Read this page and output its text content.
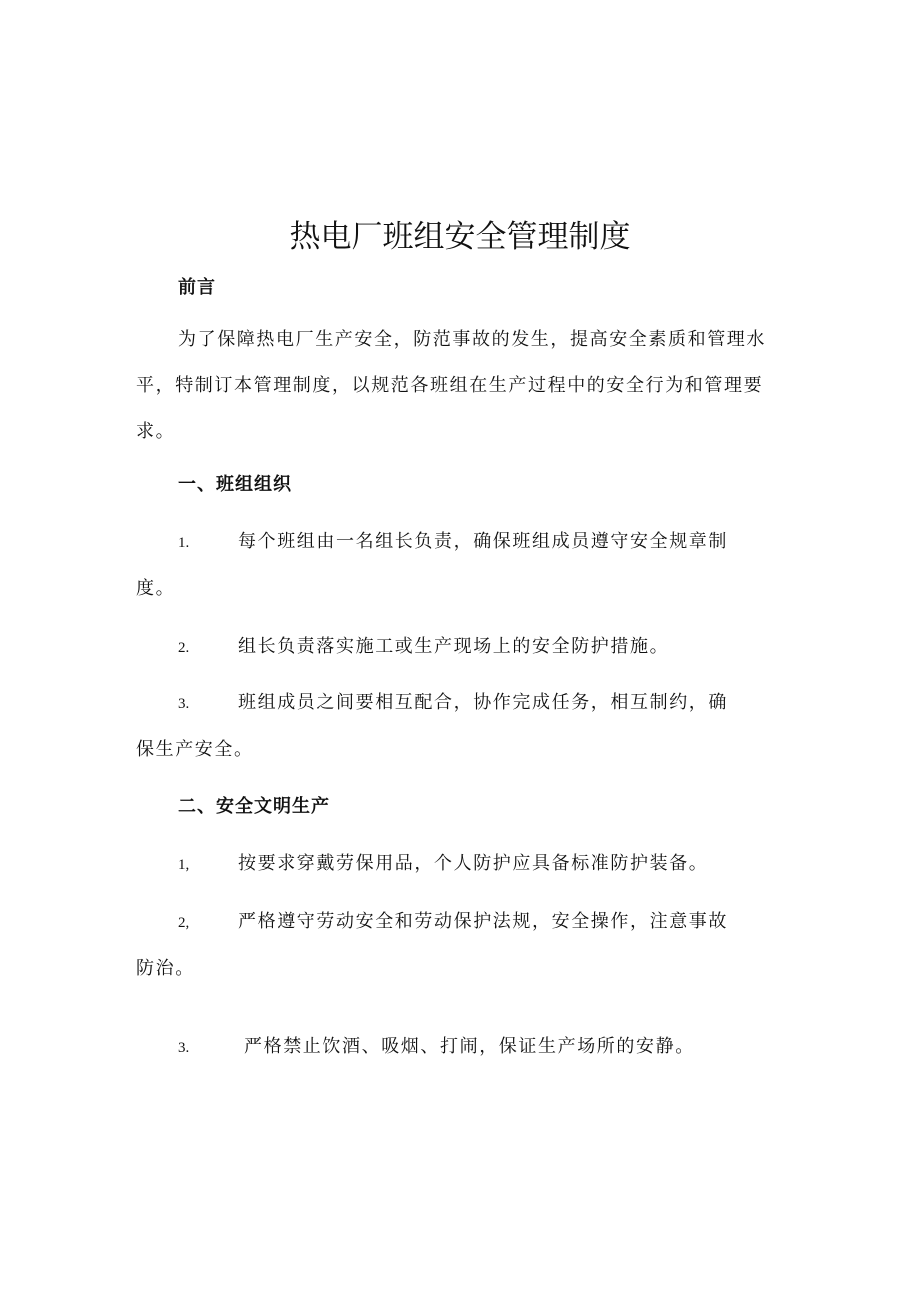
热电厂班组安全管理制度
前言
为了保障热电厂生产安全，防范事故的发生，提高安全素质和管理水平，特制订本管理制度，以规范各班组在生产过程中的安全行为和管理要求。
一、班组组织
1.	每个班组由一名组长负责，确保班组成员遵守安全规章制度。
2.	组长负责落实施工或生产现场上的安全防护措施。
3.	班组成员之间要相互配合，协作完成任务，相互制约，确保生产安全。
二、安全文明生产
1,	按要求穿戴劳保用品，个人防护应具备标准防护装备。
2,	严格遵守劳动安全和劳动保护法规，安全操作，注意事故防治。
3.	严格禁止饮酒、吸烟、打闹，保证生产场所的安静。
